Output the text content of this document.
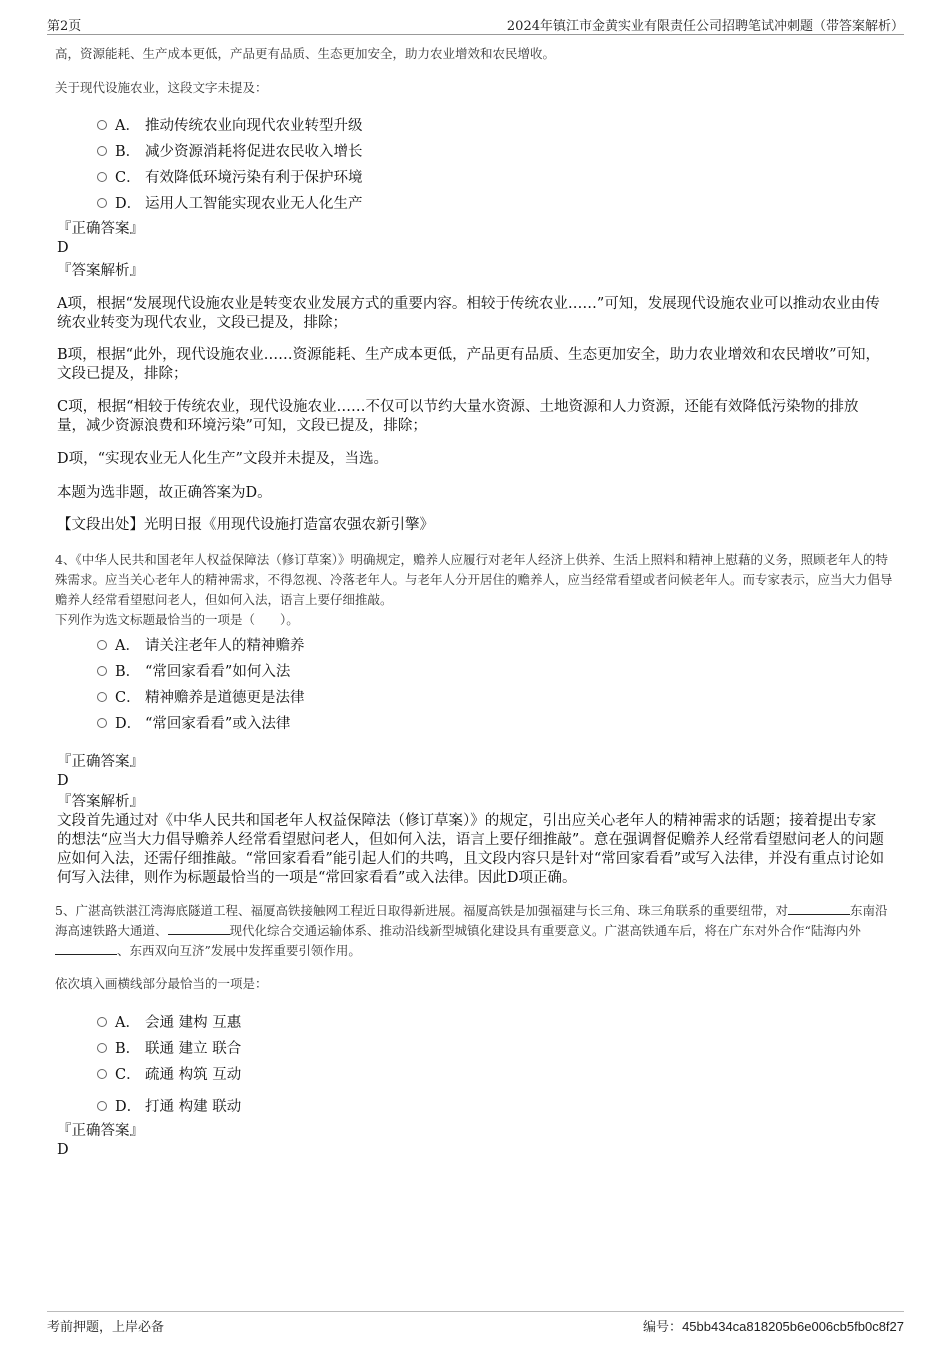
第2页	2024年镇江市金黄实业有限责任公司招聘笔试冲刺题（带答案解析）
高，资源能耗、生产成本更低，产品更有品质、生态更加安全，助力农业增效和农民增收。
关于现代设施农业，这段文字未提及：
A． 推动传统农业向现代农业转型升级
B． 减少资源消耗将促进农民收入增长
C． 有效降低环境污染有利于保护环境
D． 运用人工智能实现农业无人化生产
『正确答案』
D
『答案解析』
A项，根据“发展现代设施农业是转变农业发展方式的重要内容。相较于传统农业……”可知，发展现代设施农业可以推动农业由传统农业转变为现代农业，文段已提及，排除；
B项，根据“此外，现代设施农业……资源能耗、生产成本更低，产品更有品质、生态更加安全，助力农业增效和农民增收”可知，文段已提及，排除；
C项，根据“相较于传统农业，现代设施农业……不仅可以节约大量水资源、土地资源和人力资源，还能有效降低污染物的排放量，减少资源浪费和环境污染”可知，文段已提及，排除；
D项，“实现农业无人化生产”文段并未提及，当选。
本题为选非题，故正确答案为D。
【文段出处】光明日报《用现代设施打造富农强农新引擎》
4、《中华人民共和国老年人权益保障法（修订草案）》明确规定，赡养人应履行对老年人经济上供养、生活上照料和精神上慰藉的义务，照顾老年人的特殊需求。应当关心老年人的精神需求，不得忽视、冷落老年人。与老年人分开居住的赡养人，应当经常看望或者问候老年人。而专家表示，应当大力倡导赡养人经常看望慰问老人，但如何入法，语言上要仔细推敲。
下列作为选文标题最恰当的一项是（　　）。
A． 请关注老年人的精神赡养
B． “常回家看看”如何入法
C． 精神赡养是道德更是法律
D． “常回家看看”或入法律
『正确答案』
D
『答案解析』
文段首先通过对《中华人民共和国老年人权益保障法（修订草案）》的规定，引出应关心老年人的精神需求的话题；接着提出专家的想法“应当大力倡导赡养人经常看望慰问老人，但如何入法，语言上要仔细推敲”。意在强调督促赡养人经常看望慰问老人的问题应如何入法，还需仔细推敲。“常回家看看”能引起人们的共鸣，且文段内容只是针对“常回家看看”或写入法律，并没有重点讨论如何写入法律，则作为标题最恰当的一项是“常回家看看”或入法律。因此D项正确。
5、广湛高铁湛江湾海底隧道工程、福厦高铁接触网工程近日取得新进展。福厦高铁是加强福建与长三角、珠三角联系的重要纽带，对	东南沿海高速铁路大通道、	现代化综合交通运输体系、推动沿线新型城镇化建设具有重要意义。广湛高铁通车后，将在广东对外合作“陆海内外、东西双向互济”发展中发挥重要引领作用。
依次填入画横线部分最恰当的一项是：
A． 会通 建构 互惠
B． 联通 建立 联合
C． 疏通 构筑 互动
D． 打通 构建 联动
『正确答案』
D
考前押题，上岸必备	编号：45bb434ca818205b6e006cb5fb0c8f27
